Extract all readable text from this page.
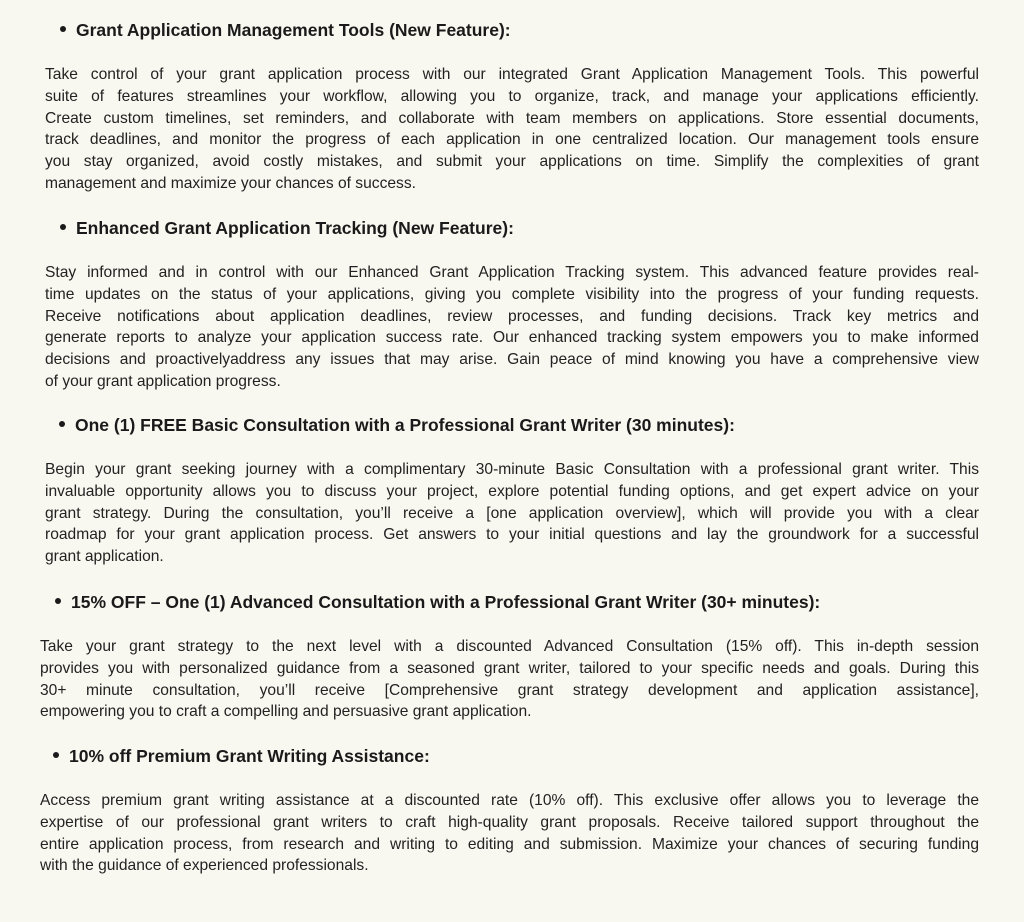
Grant Application Management Tools (New Feature):
Take control of your grant application process with our integrated Grant Application Management Tools. This powerful
suite of features streamlines your workflow, allowing you to organize, track, and manage your applications efficiently.
Create custom timelines, set reminders, and collaborate with team members on applications. Store essential documents,
track deadlines, and monitor the progress of each application in one centralized location. Our management tools ensure
you stay organized, avoid costly mistakes, and submit your applications on time. Simplify the complexities of grant
management and maximize your chances of success.
Enhanced Grant Application Tracking (New Feature):
Stay informed and in control with our Enhanced Grant Application Tracking system. This advanced feature provides real-
time updates on the status of your applications, giving you complete visibility into the progress of your funding requests.
Receive notifications about application deadlines, review processes, and funding decisions. Track key metrics and
generate reports to analyze your application success rate. Our enhanced tracking system empowers you to make informed
decisions and proactivelyaddress any issues that may arise. Gain peace of mind knowing you have a comprehensive view
of your grant application progress.
One (1) FREE Basic Consultation with a Professional Grant Writer (30 minutes):
Begin your grant seeking journey with a complimentary 30-minute Basic Consultation with a professional grant writer. This
invaluable opportunity allows you to discuss your project, explore potential funding options, and get expert advice on your
grant strategy. During the consultation, you’ll receive a [one application overview], which will provide you with a clear
roadmap for your grant application process. Get answers to your initial questions and lay the groundwork for a successful
grant application.
15% OFF – One (1) Advanced Consultation with a Professional Grant Writer (30+ minutes):
Take your grant strategy to the next level with a discounted Advanced Consultation (15% off). This in-depth session
provides you with personalized guidance from a seasoned grant writer, tailored to your specific needs and goals. During this
30+ minute consultation, you’ll receive [Comprehensive grant strategy development and application assistance],
empowering you to craft a compelling and persuasive grant application.
10% off Premium Grant Writing Assistance:
Access premium grant writing assistance at a discounted rate (10% off). This exclusive offer allows you to leverage the
expertise of our professional grant writers to craft high-quality grant proposals. Receive tailored support throughout the
entire application process, from research and writing to editing and submission. Maximize your chances of securing funding
with the guidance of experienced professionals.
